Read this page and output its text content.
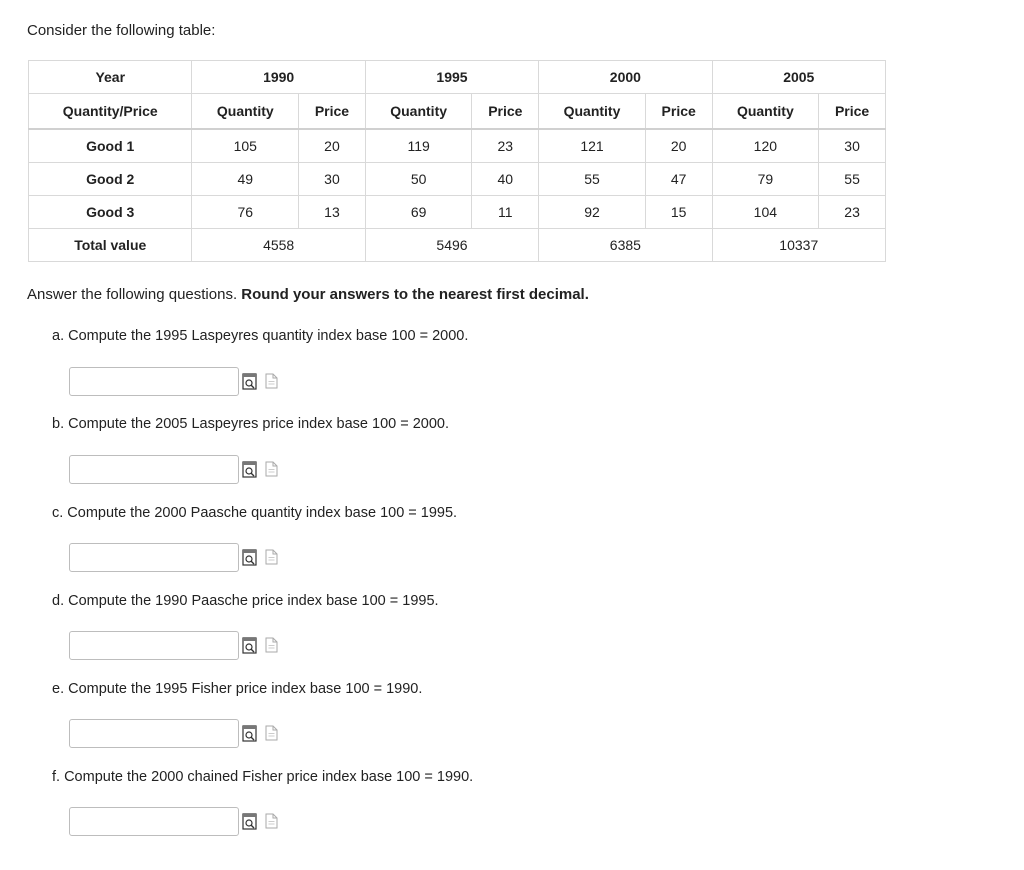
Consider the following table:
Year	1990		1995		2000		2005	
Quantity/Price	Quantity	Price	Quantity	Price	Quantity	Price	Quantity	Price
Good 1	105	20	119	23	121	20	120	30
Good 2	49	30	50	40	55	47	79	55
Good 3	76	13	69	11	92	15	104	23
Total value	4558		5496		6385		10337	
Answer the following questions. Round your answers to the nearest first decimal.
a. Compute the 1995 Laspeyres quantity index base 100 = 2000.
b. Compute the 2005 Laspeyres price index base 100 = 2000.
c. Compute the 2000 Paasche quantity index base 100 = 1995.
d. Compute the 1990 Paasche price index base 100 = 1995.
e. Compute the 1995 Fisher price index base 100 = 1990.
f. Compute the 2000 chained Fisher price index base 100 = 1990.
